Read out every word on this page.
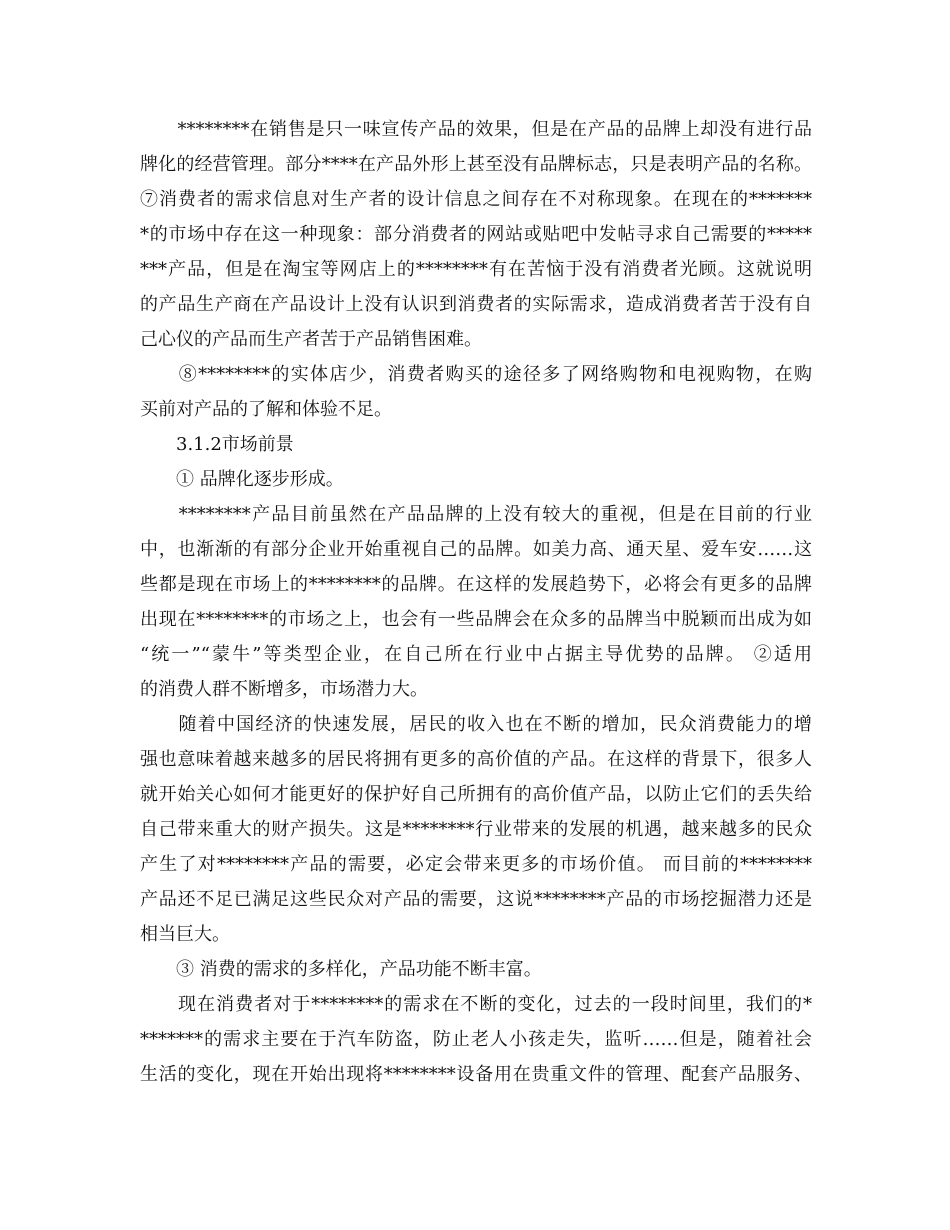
　　********在销售是只一味宣传产品的效果，但是在产品的品牌上却没有进行品
牌化的经营管理。部分****在产品外形上甚至没有品牌标志，只是表明产品的名称。
⑦消费者的需求信息对生产者的设计信息之间存在不对称现象。在现在的*******
*的市场中存在这一种现象：部分消费者的网站或贴吧中发帖寻求自己需要的*****
***产品，但是在淘宝等网店上的********有在苦恼于没有消费者光顾。这就说明
的产品生产商在产品设计上没有认识到消费者的实际需求，造成消费者苦于没有自
己心仪的产品而生产者苦于产品销售困难。
　　⑧********的实体店少，消费者购买的途径多了网络购物和电视购物，在购
买前对产品的了解和体验不足。
　　3.1.2市场前景
　　① 品牌化逐步形成。
　　********产品目前虽然在产品品牌的上没有较大的重视，但是在目前的行业
中，也渐渐的有部分企业开始重视自己的品牌。如美力高、通天星、爱车安……这
些都是现在市场上的********的品牌。在这样的发展趋势下，必将会有更多的品牌
出现在********的市场之上，也会有一些品牌会在众多的品牌当中脱颖而出成为如
“统一”“蒙牛”等类型企业，在自己所在行业中占据主导优势的品牌。 ②适用
的消费人群不断增多，市场潜力大。
　　随着中国经济的快速发展，居民的收入也在不断的增加，民众消费能力的增
强也意味着越来越多的居民将拥有更多的高价值的产品。在这样的背景下，很多人
就开始关心如何才能更好的保护好自己所拥有的高价值产品，以防止它们的丢失给
自己带来重大的财产损失。这是********行业带来的发展的机遇，越来越多的民众
产生了对********产品的需要，必定会带来更多的市场价值。 而目前的********
产品还不足已满足这些民众对产品的需要，这说********产品的市场挖掘潜力还是
相当巨大。
　　③ 消费的需求的多样化，产品功能不断丰富。
　　现在消费者对于********的需求在不断的变化，过去的一段时间里，我们的*
*******的需求主要在于汽车防盗，防止老人小孩走失，监听……但是，随着社会
生活的变化，现在开始出现将********设备用在贵重文件的管理、配套产品服务、
